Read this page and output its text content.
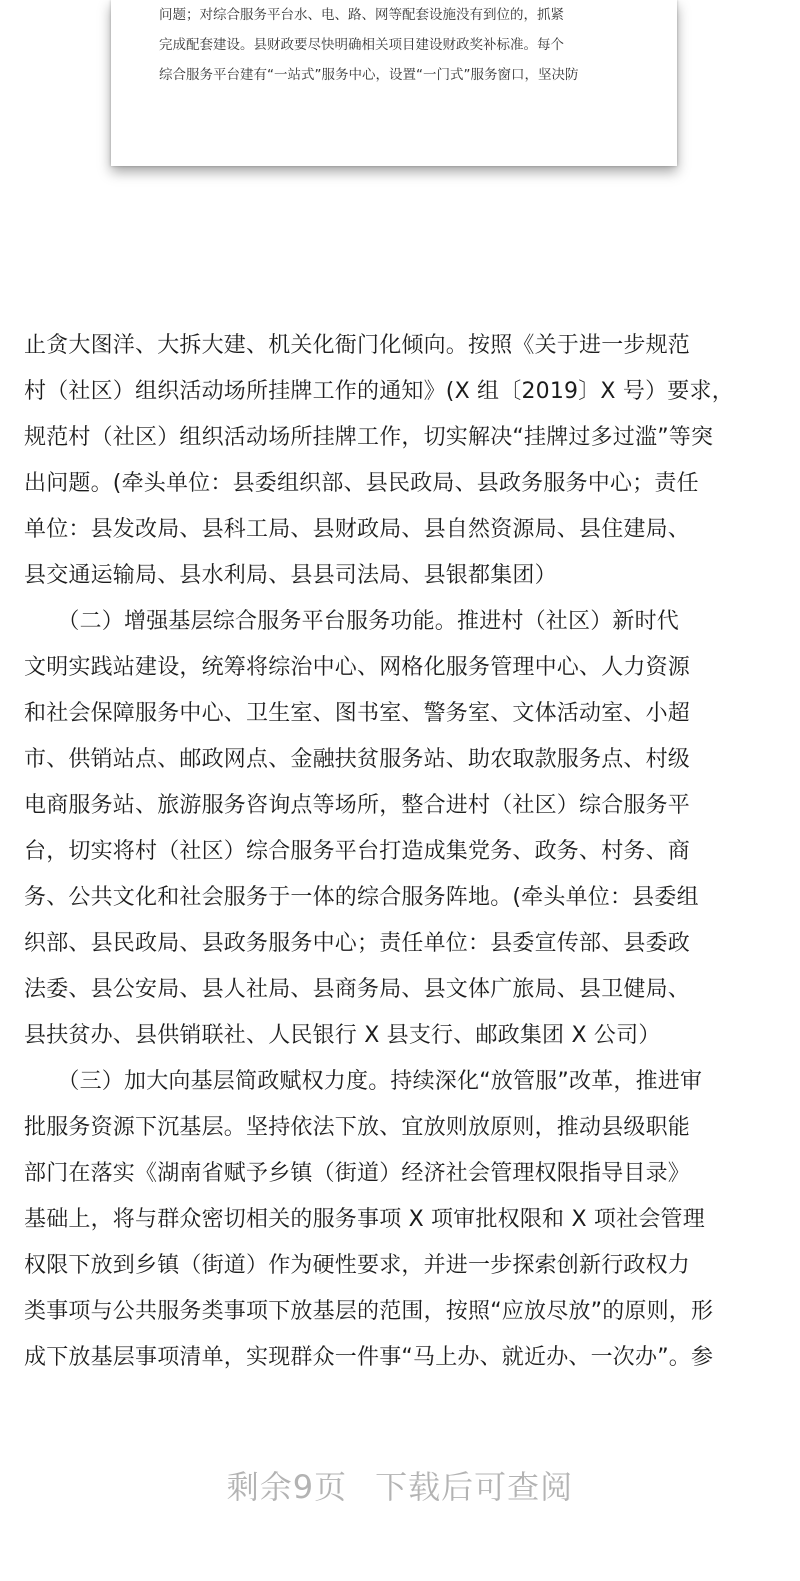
问题；对综合服务平台水、电、路、网等配套设施没有到位的，抓紧
完成配套建设。县财政要尽快明确相关项目建设财政奖补标准。每个
综合服务平台建有“一站式”服务中心，设置“一门式”服务窗口，坚决防
止贪大图洋、大拆大建、机关化衙门化倾向。按照《关于进一步规范
村（社区）组织活动场所挂牌工作的通知》(X 组〔2019〕X 号）要求，
规范村（社区）组织活动场所挂牌工作，切实解决“挂牌过多过滥”等突
出问题。(牵头单位：县委组织部、县民政局、县政务服务中心；责任
单位：县发改局、县科工局、县财政局、县自然资源局、县住建局、
县交通运输局、县水利局、县县司法局、县银都集团）
　　（二）增强基层综合服务平台服务功能。推进村（社区）新时代
文明实践站建设，统筹将综治中心、网格化服务管理中心、人力资源
和社会保障服务中心、卫生室、图书室、警务室、文体活动室、小超
市、供销站点、邮政网点、金融扶贫服务站、助农取款服务点、村级
电商服务站、旅游服务咨询点等场所，整合进村（社区）综合服务平
台，切实将村（社区）综合服务平台打造成集党务、政务、村务、商
务、公共文化和社会服务于一体的综合服务阵地。(牵头单位：县委组
织部、县民政局、县政务服务中心；责任单位：县委宣传部、县委政
法委、县公安局、县人社局、县商务局、县文体广旅局、县卫健局、
县扶贫办、县供销联社、人民银行 X 县支行、邮政集团 X 公司）
　　（三）加大向基层简政赋权力度。持续深化“放管服”改革，推进审
批服务资源下沉基层。坚持依法下放、宜放则放原则，推动县级职能
部门在落实《湖南省赋予乡镇（街道）经济社会管理权限指导目录》
基础上，将与群众密切相关的服务事项 X 项审批权限和 X 项社会管理
权限下放到乡镇（街道）作为硬性要求，并进一步探索创新行政权力
类事项与公共服务类事项下放基层的范围，按照“应放尽放”的原则，形
成下放基层事项清单，实现群众一件事“马上办、就近办、一次办”。参
剩余9页 下载后可查阅
